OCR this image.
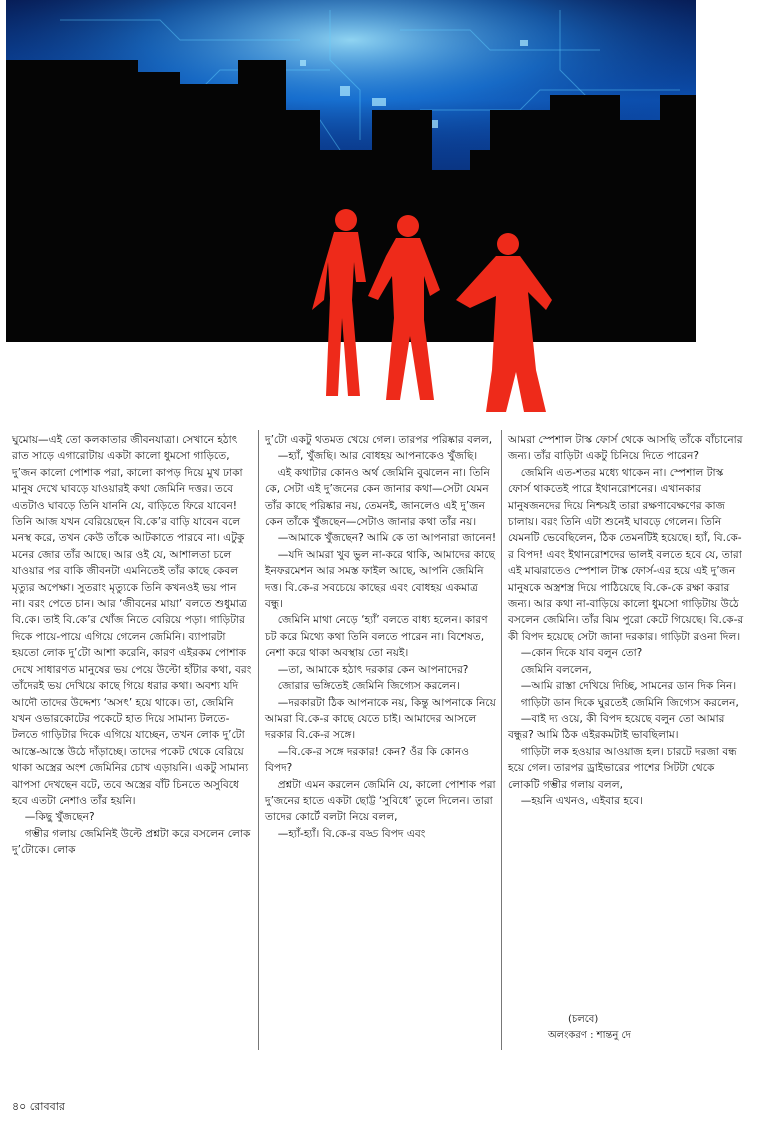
ঘুমোয়—এই তো কলকাতার জীবনযাত্রা। সেখানে হঠাৎ রাত সাড়ে এগারোটায় একটা কালো ধুমসো গাড়িতে, দু’জন কালো পোশাক পরা, কালো কাপড় দিয়ে মুখ ঢাকা মানুষ দেখে ঘাবড়ে যাওয়ারই কথা জেমিনি দত্তর। তবে এতটাও ঘাবড়ে তিনি যাননি যে, বাড়িতে ফিরে যাবেন! তিনি আজ যখন বেরিয়েছেন বি.কে’র বাড়ি যাবেন বলে মনস্থ করে, তখন কেউ তাঁকে আটকাতে পারবে না। এটুকু মনের জোর তাঁর আছে। আর ওই যে, আশালতা চলে যাওয়ার পর বাকি জীবনটা এমনিতেই তাঁর কাছে কেবল মৃত্যুর অপেক্ষা। সুতরাং মৃত্যুকে তিনি কখনওই ভয় পান না। বরং পেতে চান। আর ‘জীবনের মায়া’ বলতে শুধুমাত্র বি.কে। তাই বি.কে’র খোঁজ নিতে বেরিয়ে পড়া। গাড়িটার দিকে পায়ে-পায়ে এগিয়ে গেলেন জেমিনি। ব্যাপারটা হয়তো লোক দু’টো আশা করেনি, কারণ এইরকম পোশাক দেখে সাধারণত মানুষের ভয় পেয়ে উল্টো হাঁটার কথা, বরং তাঁদেরই ভয় দেখিয়ে কাছে গিয়ে ধরার কথা। অবশ্য যদি আদৌ তাদের উদ্দেশ্য ‘অসৎ’ হয়ে থাকে। তা, জেমিনি যখন ওভারকোটের পকেটে হাত দিয়ে সামান্য টলতে-টলতে গাড়িটার দিকে এগিয়ে যাচ্ছেন, তখন লোক দু’টো আস্তে-আস্তে উঠে দাঁড়াচ্ছে। তাদের পকেট থেকে বেরিয়ে থাকা অস্ত্রের অংশ জেমিনির চোখ এড়ায়নি। একটু সামান্য ঝাপসা দেখছেন বটে, তবে অস্ত্রের বাঁট চিনতে অসুবিধে হবে এতটা নেশাও তাঁর হয়নি।

—কিছু খুঁজছেন?

গম্ভীর গলায় জেমিনিই উল্টে প্রশ্নটা করে বসলেন লোক দু’টোকে। লোক

দু’টো একটু থতমত খেয়ে গেল। তারপর পরিষ্কার বলল,

—হ্যাঁ, খুঁজছি। আর বোধহয় আপনাকেও খুঁজছি।

এই কথাটার কোনও অর্থ জেমিনি বুঝলেন না। তিনি কে, সেটা এই দু’জনের কেন জানার কথা—সেটা যেমন তাঁর কাছে পরিষ্কার নয়, তেমনই, জানলেও এই দু’জন কেন তাঁকে খুঁজছেন—সেটাও জানার কথা তাঁর নয়।

—আমাকে খুঁজছেন? আমি কে তা আপনারা জানেন!

—যদি আমরা খুব ভুল না-করে থাকি, আমাদের কাছে ইনফরমেশন আর সমস্ত ফাইল আছে, আপনি জেমিনি দত্ত। বি.কে-র সবচেয়ে কাছের এবং বোধহয় একমাত্র বন্ধু।

জেমিনি মাথা নেড়ে ‘হ্যাঁ’ বলতে বাধ্য হলেন। কারণ চট করে মিথ্যে কথা তিনি বলতে পারেন না। বিশেষত, নেশা করে থাকা অবস্থায় তো নয়ই।

—তা, আমাকে হঠাৎ দরকার কেন আপনাদের?

জোরার ভঙ্গিতেই জেমিনি জিগ্যেস করলেন।

—দরকারটা ঠিক আপনাকে নয়, কিন্তু আপনাকে নিয়ে আমরা বি.কে-র কাছে যেতে চাই। আমাদের আসলে দরকার বি.কে-র সঙ্গে।

—বি.কে-র সঙ্গে দরকার! কেন? ওঁর কি কোনও বিপদ?

প্রশ্নটা এমন করলেন জেমিনি যে, কালো পোশাক পরা দু’জনের হাতে একটা ছোট্ট ‘সুবিধে’ তুলে দিলেন। তারা তাদের কোর্টে বলটা নিয়ে বলল,

—হ্যাঁ-হ্যাঁ। বি.কে-র বড্ড বিপদ এবং

আমরা স্পেশাল টাস্ক ফোর্স থেকে আসছি তাঁকে বাঁচানোর জন্য। তাঁর বাড়িটা একটু চিনিয়ে দিতে পারেন?

জেমিনি এত-শতর মধ্যে থাকেন না। স্পেশাল টাস্ক ফোর্স থাকতেই পারে ইথানরোশনের। এখানকার মানুষজনদের দিয়ে নিশ্চয়ই তারা রক্ষণাবেক্ষণের কাজ চালায়। বরং তিনি এটা শুনেই ঘাবড়ে গেলেন। তিনি যেমনটি ভেবেছিলেন, ঠিক তেমনটিই হয়েছে। হ্যাঁ, বি.কে-র বিপদ! এবং ইথানরোশদের ভালই বলতে হবে যে, তারা এই মাঝরাতেও স্পেশাল টাস্ক ফোর্স-এর হয়ে এই দু’জন মানুষকে অস্ত্রশস্ত্র দিয়ে পাঠিয়েছে বি.কে-কে রক্ষা করার জন্য। আর কথা না-বাড়িয়ে কালো ধুমসো গাড়িটায় উঠে বসলেন জেমিনি। তাঁর ঝিম পুরো কেটে গিয়েছে। বি.কে-র কী বিপদ হয়েছে সেটা জানা দরকার। গাড়িটা রওনা দিল।

—কোন দিকে যাব বলুন তো?

জেমিনি বললেন,

—আমি রাস্তা দেখিয়ে দিচ্ছি, সামনের ডান দিক নিন।

গাড়িটা ডান দিকে ঘুরতেই জেমিনি জিগ্যেস করলেন,

—বাই দ্য ওয়ে, কী বিপদ হয়েছে বলুন তো আমার বন্ধুর? আমি ঠিক এইরকমটাই ভাবছিলাম।

গাড়িটা লক হওয়ার আওয়াজ হল। চারটে দরজা বন্ধ হয়ে গেল। তারপর ড্রাইভারের পাশের সিটটা থেকে লোকটি গম্ভীর গলায় বলল,

—হয়নি এখনও, এইবার হবে।

(চলবে)
অলংকরণ : শান্তনু দে
৪০ রোববার
